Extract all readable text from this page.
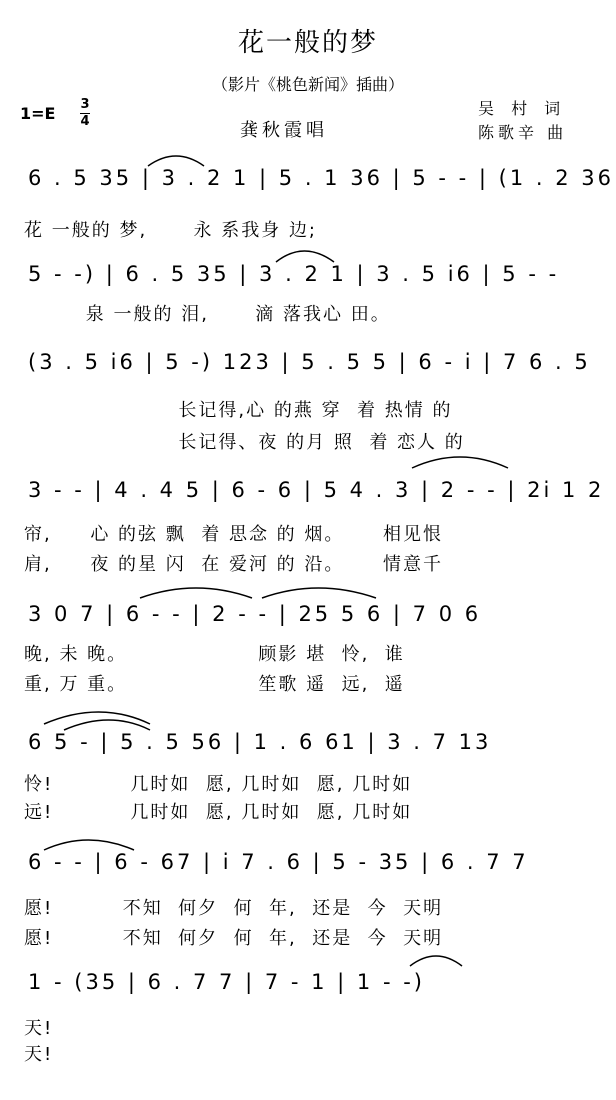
花一般的梦
（影片《桃色新闻》插曲）
1=E 3
4	龚秋霞唱
吴 村 词
陈歌辛 曲
6 . 5 35 | 3 . 2 1 | 5 . 1 36 | 5 - - | (1 . 2 36
花 一般的 梦,      永 系我身 边;
5 - -) | 6 . 5 35 | 3 . 2 1 | 3 . 5 i6 | 5 - -
泉 一般的 泪,      滴 落我心 田。
(3 . 5 i6 | 5 -) 123 | 5 . 5 5 | 6 - i | 7 6 . 5
长记得,心 的燕 穿  着 热情 的
长记得、夜 的月 照  着 恋人 的
3 - - | 4 . 4 5 | 6 - 6 | 5 4 . 3 | 2 - - | 2i 1 2
帘,     心 的弦 飘  着 思念 的 烟。     相见恨
肩,     夜 的星 闪  在 爱河 的 沿。     情意千
3 0 7 | 6 - - | 2 - - | 25 5 6 | 7 0 6
晚, 未 晚。                 顾影 堪  怜,  谁
重, 万 重。                 笙歌 遥  远,  遥
6 5 - | 5 . 5 56 | 1 . 6 61 | 3 . 7 13
怜!          几时如  愿, 几时如  愿, 几时如
远!          几时如  愿, 几时如  愿, 几时如
6 - - | 6 - 67 | i 7 . 6 | 5 - 35 | 6 . 7 7
愿!         不知  何夕  何  年,  还是  今  天明
愿!         不知  何夕  何  年,  还是  今  天明
1 - (35 | 6 . 7 7 | 7 - 1 | 1 - -)
天!
天!
